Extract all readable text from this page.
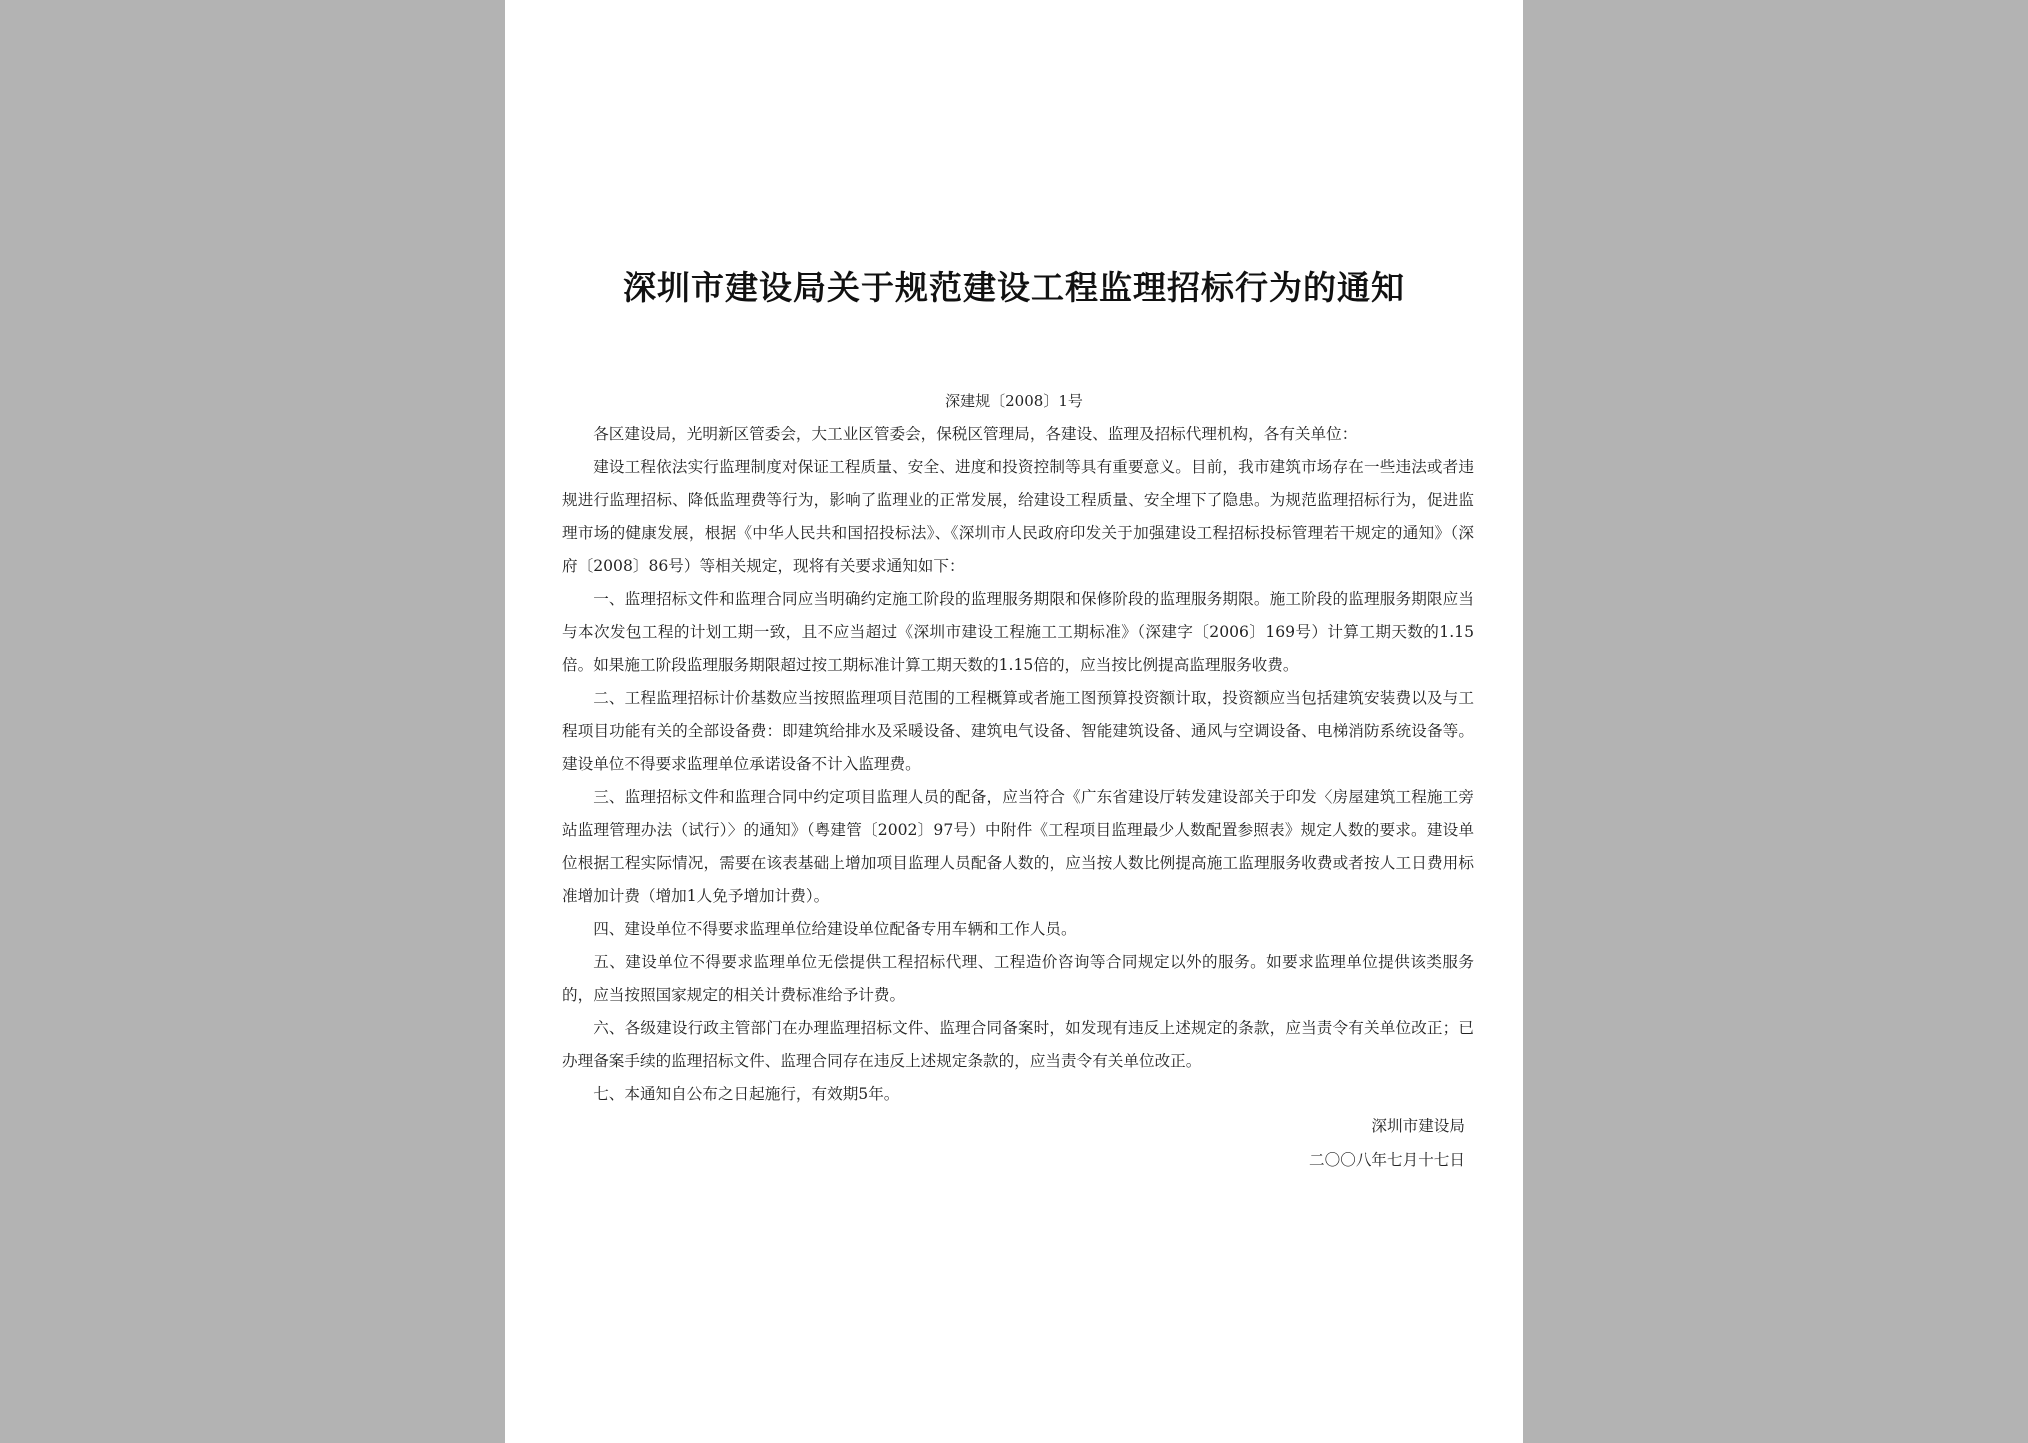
深圳市建设局关于规范建设工程监理招标行为的通知
深建规〔2008〕1号

各区建设局，光明新区管委会，大工业区管委会，保税区管理局，各建设、监理及招标代理机构，各有关单位：

建设工程依法实行监理制度对保证工程质量、安全、进度和投资控制等具有重要意义。目前，我市建筑市场存在一些违法或者违规进行监理招标、降低监理费等行为，影响了监理业的正常发展，给建设工程质量、安全埋下了隐患。为规范监理招标行为，促进监理市场的健康发展，根据《中华人民共和国招投标法》、《深圳市人民政府印发关于加强建设工程招标投标管理若干规定的通知》（深府〔2008〕86号）等相关规定，现将有关要求通知如下：

一、监理招标文件和监理合同应当明确约定施工阶段的监理服务期限和保修阶段的监理服务期限。施工阶段的监理服务期限应当与本次发包工程的计划工期一致，且不应当超过《深圳市建设工程施工工期标准》（深建字〔2006〕169号）计算工期天数的1.15倍。如果施工阶段监理服务期限超过按工期标准计算工期天数的1.15倍的，应当按比例提高监理服务收费。

二、工程监理招标计价基数应当按照监理项目范围的工程概算或者施工图预算投资额计取，投资额应当包括建筑安装费以及与工程项目功能有关的全部设备费：即建筑给排水及采暖设备、建筑电气设备、智能建筑设备、通风与空调设备、电梯消防系统设备等。建设单位不得要求监理单位承诺设备不计入监理费。

三、监理招标文件和监理合同中约定项目监理人员的配备，应当符合《广东省建设厅转发建设部关于印发〈房屋建筑工程施工旁站监理管理办法（试行）〉的通知》（粤建管〔2002〕97号）中附件《工程项目监理最少人数配置参照表》规定人数的要求。建设单位根据工程实际情况，需要在该表基础上增加项目监理人员配备人数的，应当按人数比例提高施工监理服务收费或者按人工日费用标准增加计费（增加1人免予增加计费）。

四、建设单位不得要求监理单位给建设单位配备专用车辆和工作人员。

五、建设单位不得要求监理单位无偿提供工程招标代理、工程造价咨询等合同规定以外的服务。如要求监理单位提供该类服务的，应当按照国家规定的相关计费标准给予计费。

六、各级建设行政主管部门在办理监理招标文件、监理合同备案时，如发现有违反上述规定的条款，应当责令有关单位改正；已办理备案手续的监理招标文件、监理合同存在违反上述规定条款的，应当责令有关单位改正。

七、本通知自公布之日起施行，有效期5年。

深圳市建设局
二〇〇八年七月十七日
